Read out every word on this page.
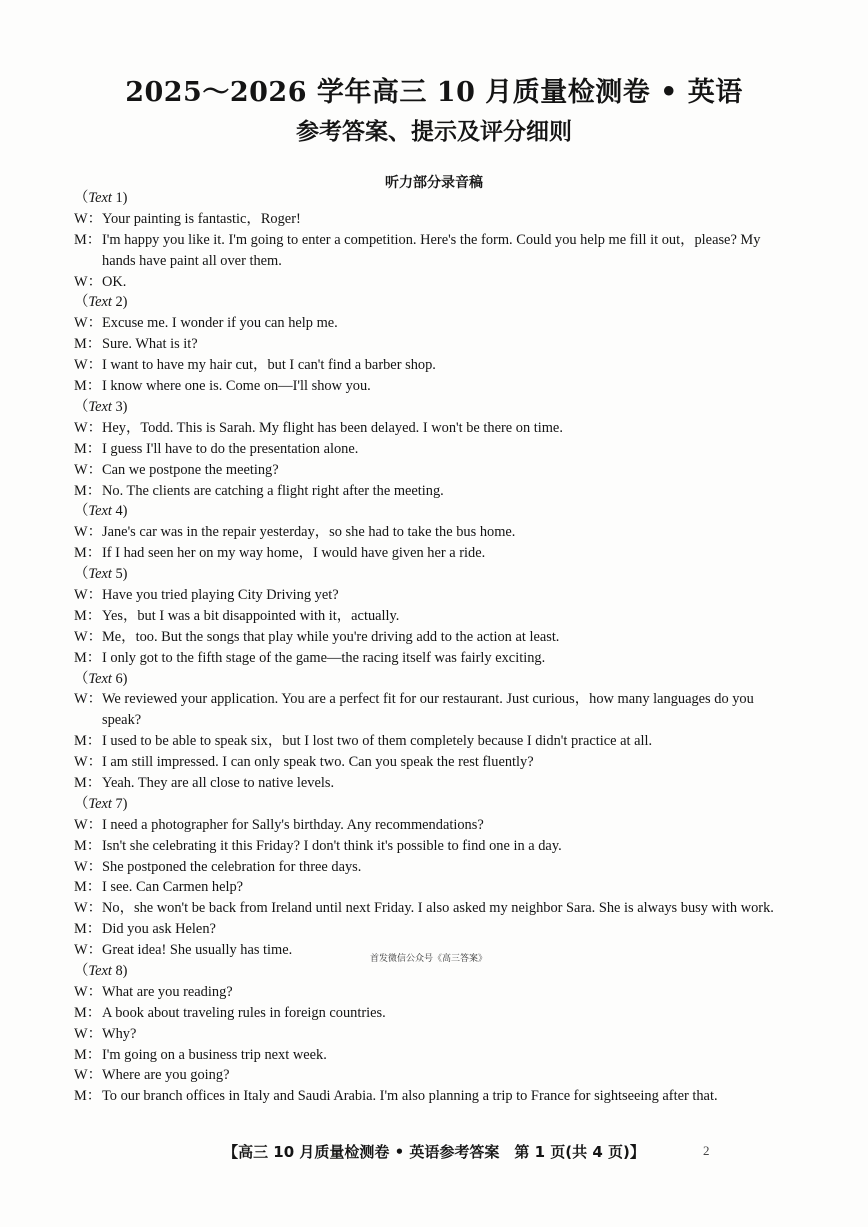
2025～2026 学年高三 10 月质量检测卷 • 英语
参考答案、提示及评分细则
听力部分录音稿
（Text 1)
W：Your painting is fantastic，Roger!
M：I'm happy you like it. I'm going to enter a competition. Here's the form. Could you help me fill it out，please? My hands have paint all over them.
W：OK.
（Text 2)
W：Excuse me. I wonder if you can help me.
M：Sure. What is it?
W：I want to have my hair cut，but I can't find a barber shop.
M：I know where one is. Come on—I'll show you.
（Text 3)
W：Hey，Todd. This is Sarah. My flight has been delayed. I won't be there on time.
M：I guess I'll have to do the presentation alone.
W：Can we postpone the meeting?
M：No. The clients are catching a flight right after the meeting.
（Text 4)
W：Jane's car was in the repair yesterday，so she had to take the bus home.
M：If I had seen her on my way home，I would have given her a ride.
（Text 5)
W：Have you tried playing City Driving yet?
M：Yes，but I was a bit disappointed with it，actually.
W：Me，too. But the songs that play while you're driving add to the action at least.
M：I only got to the fifth stage of the game—the racing itself was fairly exciting.
（Text 6)
W：We reviewed your application. You are a perfect fit for our restaurant. Just curious，how many languages do you speak?
M：I used to be able to speak six，but I lost two of them completely because I didn't practice at all.
W：I am still impressed. I can only speak two. Can you speak the rest fluently?
M：Yeah. They are all close to native levels.
（Text 7)
W：I need a photographer for Sally's birthday. Any recommendations?
M：Isn't she celebrating it this Friday? I don't think it's possible to find one in a day.
W：She postponed the celebration for three days.
M：I see. Can Carmen help?
W：No，she won't be back from Ireland until next Friday. I also asked my neighbor Sara. She is always busy with work.
M：Did you ask Helen?
W：Great idea! She usually has time.
（Text 8)
W：What are you reading?
M：A book about traveling rules in foreign countries.
W：Why?
M：I'm going on a business trip next week.
W：Where are you going?
M：To our branch offices in Italy and Saudi Arabia. I'm also planning a trip to France for sightseeing after that.
首发微信公众号《高三答案》
【高三 10 月质量检测卷 • 英语参考答案　第 1 页(共 4 页)】	2
